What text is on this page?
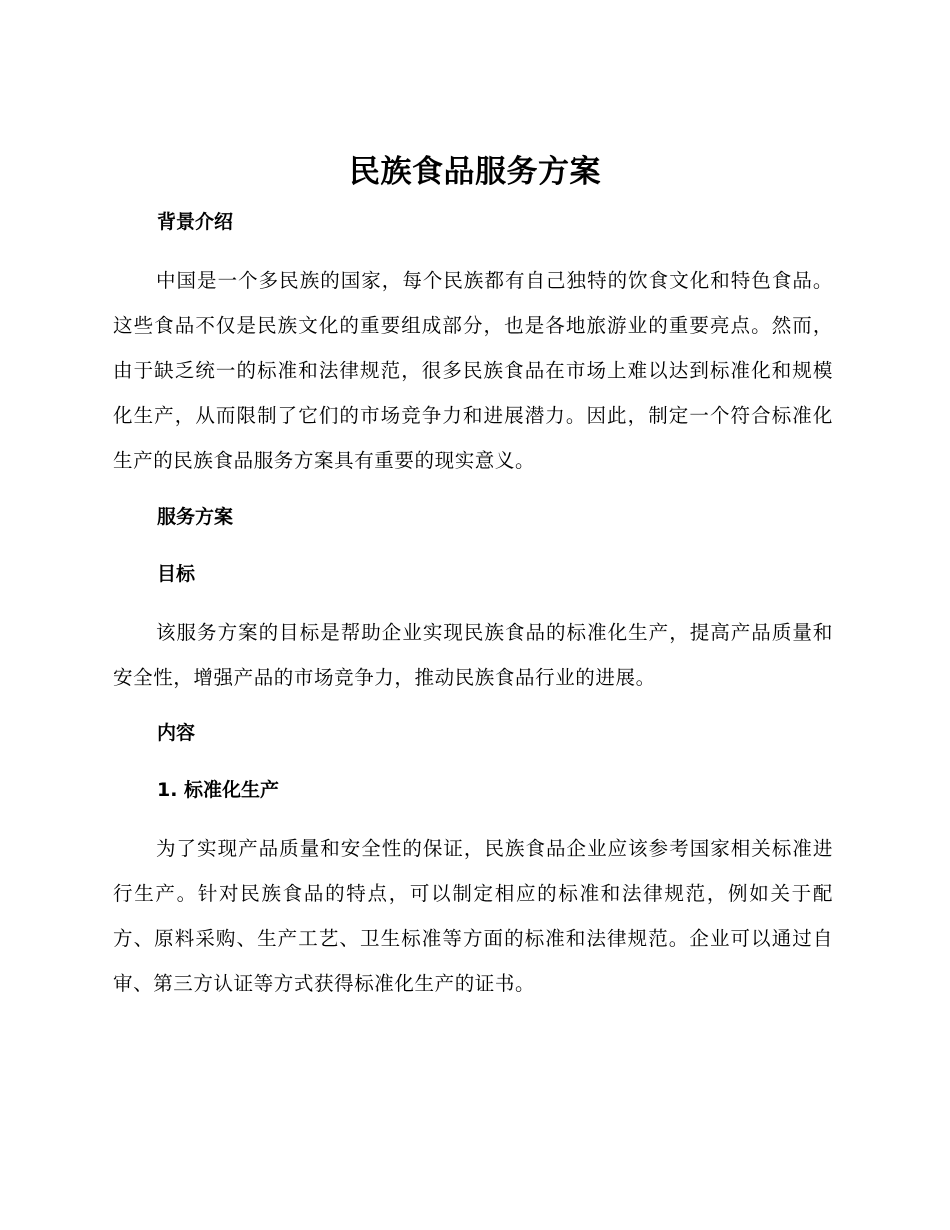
民族食品服务方案
背景介绍

中国是一个多民族的国家，每个民族都有自己独特的饮食文化和特色食品。这些食品不仅是民族文化的重要组成部分，也是各地旅游业的重要亮点。然而，由于缺乏统一的标准和法律规范，很多民族食品在市场上难以达到标准化和规模化生产，从而限制了它们的市场竞争力和进展潜力。因此，制定一个符合标准化生产的民族食品服务方案具有重要的现实意义。

服务方案
目标

该服务方案的目标是帮助企业实现民族食品的标准化生产，提高产品质量和安全性，增强产品的市场竞争力，推动民族食品行业的进展。

内容
1. 标准化生产

为了实现产品质量和安全性的保证，民族食品企业应该参考国家相关标准进行生产。针对民族食品的特点，可以制定相应的标准和法律规范，例如关于配方、原料采购、生产工艺、卫生标准等方面的标准和法律规范。企业可以通过自审、第三方认证等方式获得标准化生产的证书。
